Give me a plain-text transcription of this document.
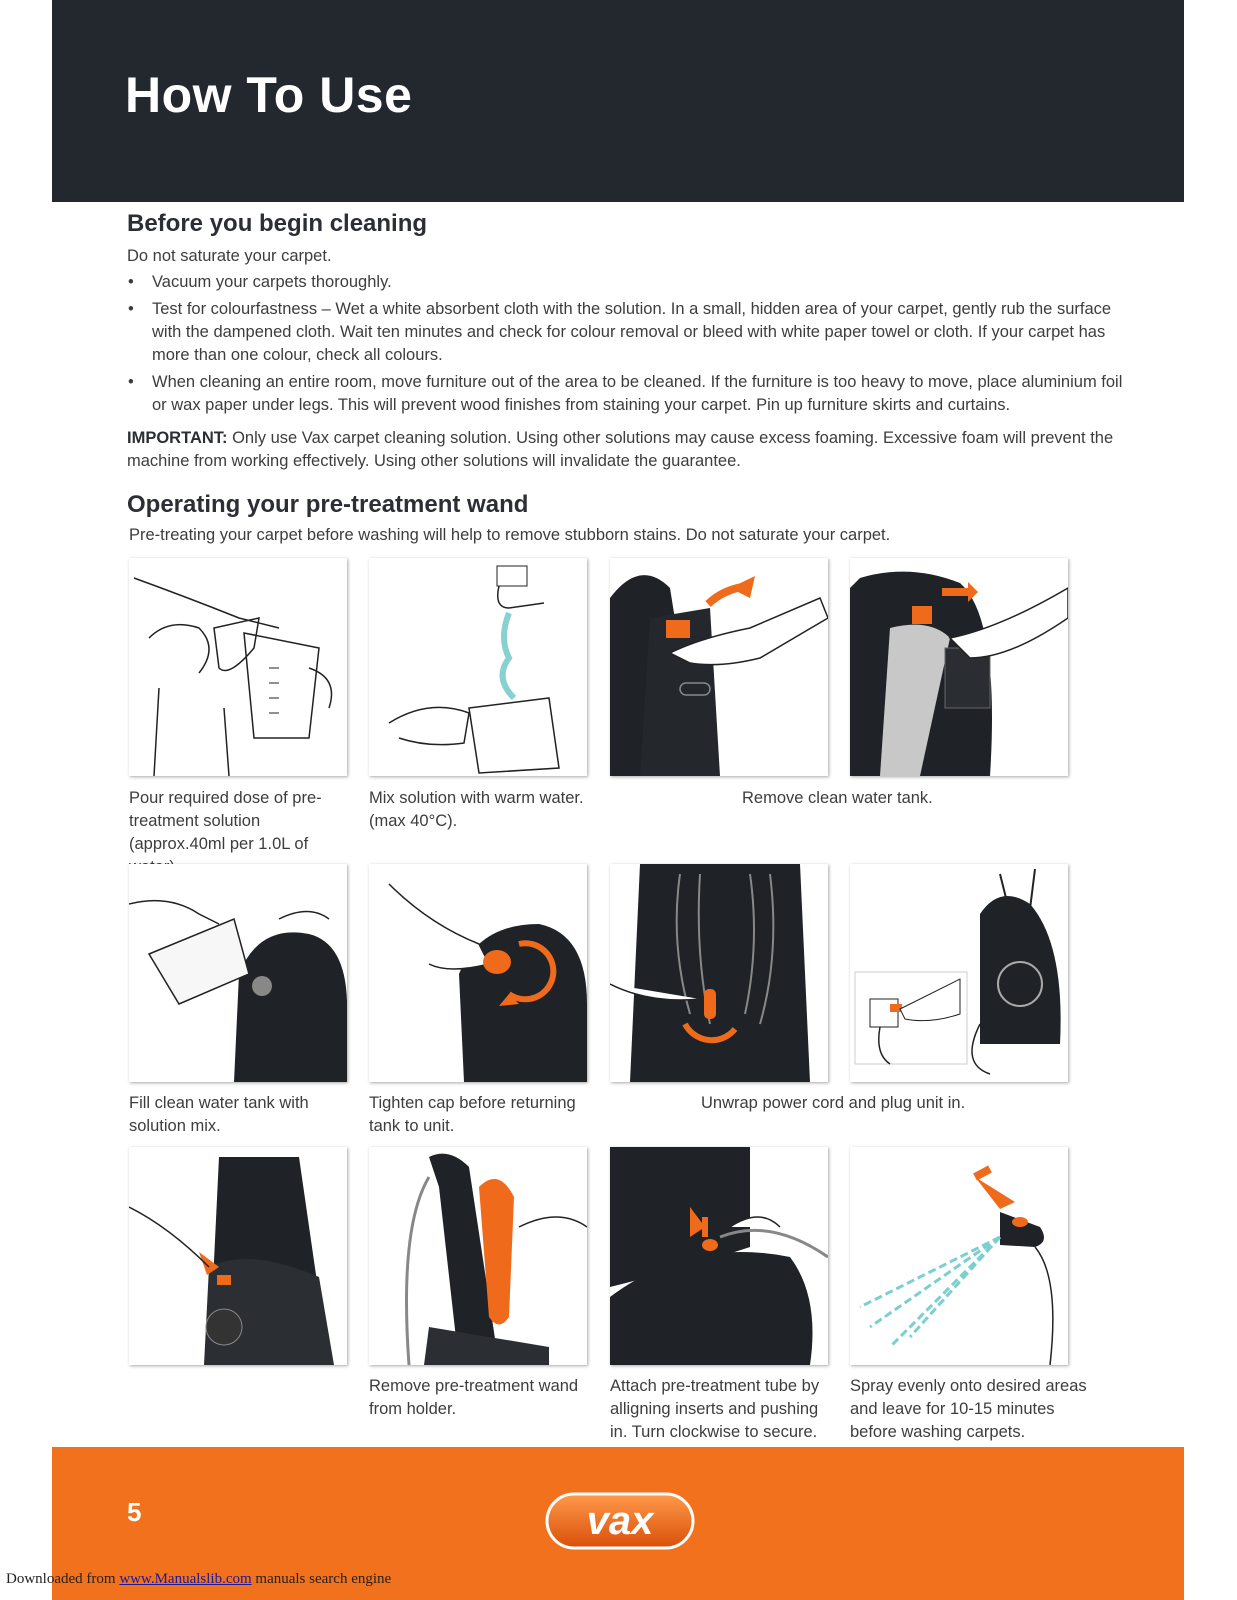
How To Use
Before you begin cleaning
Do not saturate your carpet.
• Vacuum your carpets thoroughly.
• Test for colourfastness – Wet a white absorbent cloth with the solution. In a small, hidden area of your carpet, gently rub the surface with the dampened cloth. Wait ten minutes and check for colour removal or bleed with white paper towel or cloth. If your carpet has more than one colour, check all colours.
• When cleaning an entire room, move furniture out of the area to be cleaned. If the furniture is too heavy to move, place aluminium foil or wax paper under legs. This will prevent wood finishes from staining your carpet. Pin up furniture skirts and curtains.
IMPORTANT: Only use Vax carpet cleaning solution. Using other solutions may cause excess foaming. Excessive foam will prevent the machine from working effectively. Using other solutions will invalidate the guarantee.
Operating your pre-treatment wand
Pre-treating your carpet before washing will help to remove stubborn stains. Do not saturate your carpet.
Pour required dose of pre-treatment solution (approx.40ml per 1.0L of
Mix solution with warm water. (max 40°C).
Remove clean water tank.
Fill clean water tank with solution mix.
Tighten cap before returning tank to unit.
Unwrap power cord and plug unit in.
Remove pre-treatment wand from holder.
Attach pre-treatment tube by alligning inserts and pushing in. Turn clockwise to secure.
Spray evenly onto desired areas and leave for 10-15 minutes before washing carpets.
5	vax
Downloaded from www.Manualslib.com manuals search engine
